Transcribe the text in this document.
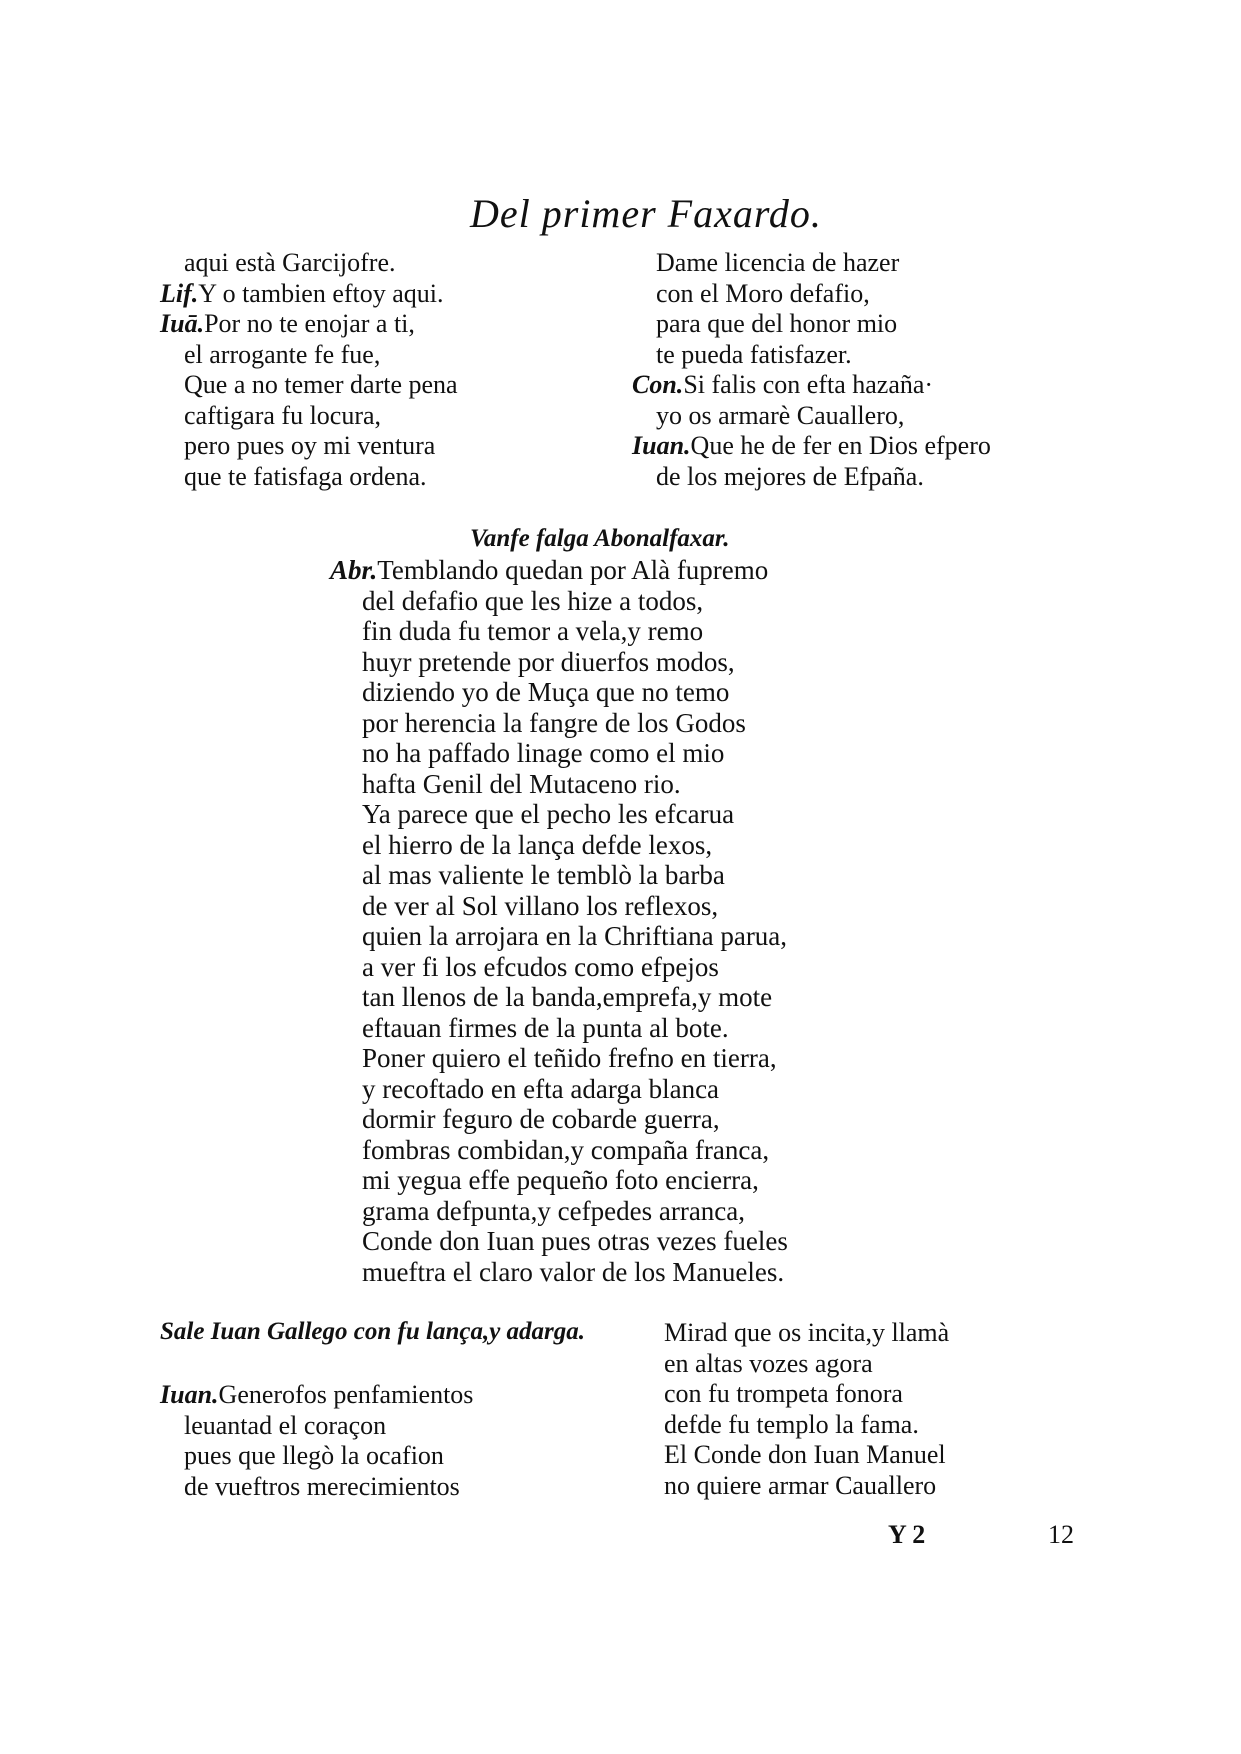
Del primer Faxardo.
aqui està Garcijofre.
Lif.Y o tambien eftoy aqui.
Iuā.Por no te enojar a ti,
el arrogante fe fue,
Que a no temer darte pena
caftigara fu locura,
pero pues oy mi ventura
que te fatisfaga ordena.
Dame licencia de hazer
con el Moro defafio,
para que del honor mio
te pueda fatisfazer.
Con.Si falis con efta hazaña·
yo os armarè Cauallero,
Iuan.Que he de fer en Dios efpero
de los mejores de Efpaña.
Vanfe falga Abonalfaxar.
Abr.Temblando quedan por Alà fupremo
del defafio que les hize a todos,
fin duda fu temor a vela,y remo
huyr pretende por diuerfos modos,
diziendo yo de Muça que no temo
por herencia la fangre de los Godos
no ha paffado linage como el mio
hafta Genil del Mutaceno rio.
Ya parece que el pecho les efcarua
el hierro de la lança defde lexos,
al mas valiente le temblò la barba
de ver al Sol villano los reflexos,
quien la arrojara en la Chriftiana parua,
a ver fi los efcudos como efpejos
tan llenos de la banda,emprefa,y mote
eftauan firmes de la punta al bote.
Poner quiero el teñido frefno en tierra,
y recoftado en efta adarga blanca
dormir feguro de cobarde guerra,
fombras combidan,y compaña franca,
mi yegua effe pequeño foto encierra,
grama defpunta,y cefpedes arranca,
Conde don Iuan pues otras vezes fueles
mueftra el claro valor de los Manueles.
Sale Iuan Gallego con fu lança,y adarga.
Iuan.Generofos penfamientos
leuantad el coraçon
pues que llegò la ocafion
de vueftros merecimientos
Mirad que os incita,y llamà
en altas vozes agora
con fu trompeta fonora
defde fu templo la fama.
El Conde don Iuan Manuel
no quiere armar Cauallero
Y 2	12
